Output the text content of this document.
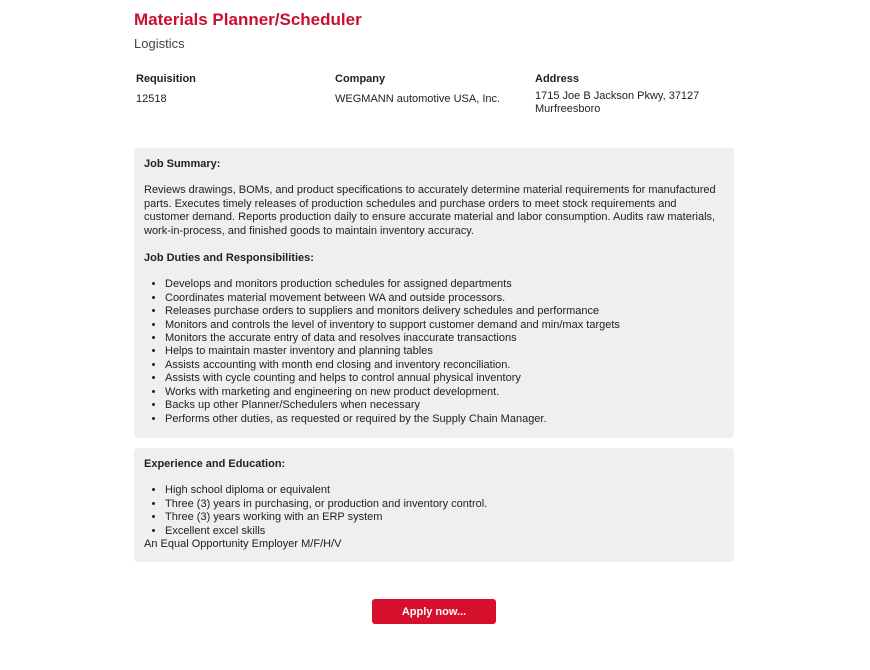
Materials Planner/Scheduler
Logistics
Requisition
12518
Company
WEGMANN automotive USA, Inc.
Address
1715 Joe B Jackson Pkwy, 37127
Murfreesboro
Job Summary:

Reviews drawings, BOMs, and product specifications to accurately determine material requirements for manufactured parts. Executes timely releases of production schedules and purchase orders to meet stock requirements and customer demand. Reports production daily to ensure accurate material and labor consumption. Audits raw materials, work-in-process, and finished goods to maintain inventory accuracy.

Job Duties and Responsibilities:
• Develops and monitors production schedules for assigned departments
• Coordinates material movement between WA and outside processors.
• Releases purchase orders to suppliers and monitors delivery schedules and performance
• Monitors and controls the level of inventory to support customer demand and min/max targets
• Monitors the accurate entry of data and resolves inaccurate transactions
• Helps to maintain master inventory and planning tables
• Assists accounting with month end closing and inventory reconciliation.
• Assists with cycle counting and helps to control annual physical inventory
• Works with marketing and engineering on new product development.
• Backs up other Planner/Schedulers when necessary
• Performs other duties, as requested or required by the Supply Chain Manager.
Experience and Education:
• High school diploma or equivalent
• Three (3) years in purchasing, or production and inventory control.
• Three (3) years working with an ERP system
• Excellent excel skills
An Equal Opportunity Employer M/F/H/V
Apply now...
